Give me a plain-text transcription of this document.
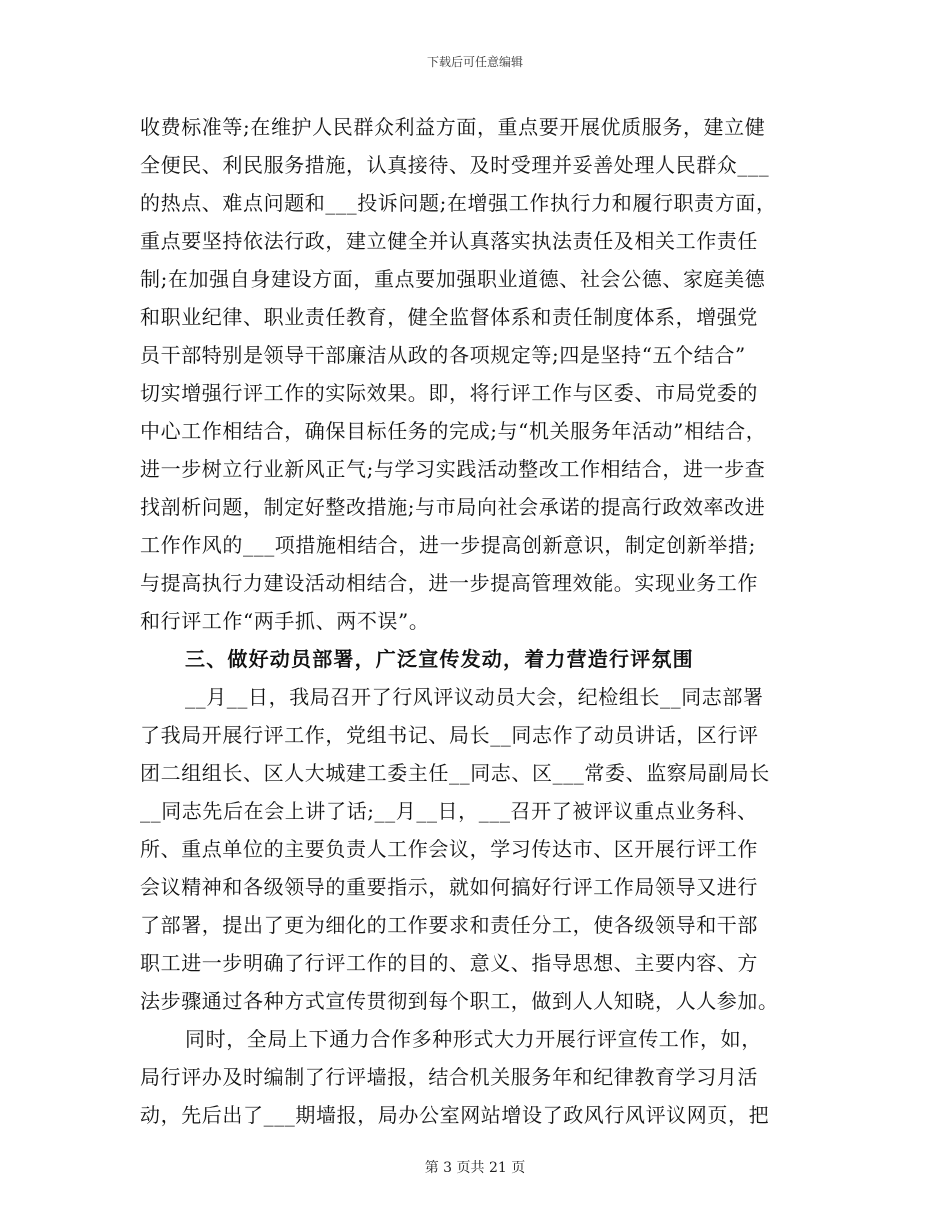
下载后可任意编辑
收费标准等;在维护人民群众利益方面，重点要开展优质服务，建立健
全便民、利民服务措施，认真接待、及时受理并妥善处理人民群众___
的热点、难点问题和___投诉问题;在增强工作执行力和履行职责方面，
重点要坚持依法行政，建立健全并认真落实执法责任及相关工作责任
制;在加强自身建设方面，重点要加强职业道德、社会公德、家庭美德
和职业纪律、职业责任教育，健全监督体系和责任制度体系，增强党
员干部特别是领导干部廉洁从政的各项规定等;四是坚持“五个结合”
切实增强行评工作的实际效果。即，将行评工作与区委、市局党委的
中心工作相结合，确保目标任务的完成;与“机关服务年活动”相结合，
进一步树立行业新风正气;与学习实践活动整改工作相结合，进一步查
找剖析问题，制定好整改措施;与市局向社会承诺的提高行政效率改进
工作作风的___项措施相结合，进一步提高创新意识，制定创新举措;
与提高执行力建设活动相结合，进一步提高管理效能。实现业务工作
和行评工作“两手抓、两不误”。
三、做好动员部署，广泛宣传发动，着力营造行评氛围
__月__日，我局召开了行风评议动员大会，纪检组长__同志部署
了我局开展行评工作，党组书记、局长__同志作了动员讲话，区行评
团二组组长、区人大城建工委主任__同志、区___常委、监察局副局长
__同志先后在会上讲了话;__月__日，___召开了被评议重点业务科、
所、重点单位的主要负责人工作会议，学习传达市、区开展行评工作
会议精神和各级领导的重要指示，就如何搞好行评工作局领导又进行
了部署，提出了更为细化的工作要求和责任分工，使各级领导和干部
职工进一步明确了行评工作的目的、意义、指导思想、主要内容、方
法步骤通过各种方式宣传贯彻到每个职工，做到人人知晓，人人参加。
同时，全局上下通力合作多种形式大力开展行评宣传工作，如，
局行评办及时编制了行评墙报，结合机关服务年和纪律教育学习月活
动，先后出了___期墙报，局办公室网站增设了政风行风评议网页，把
第 3 页共 21 页
